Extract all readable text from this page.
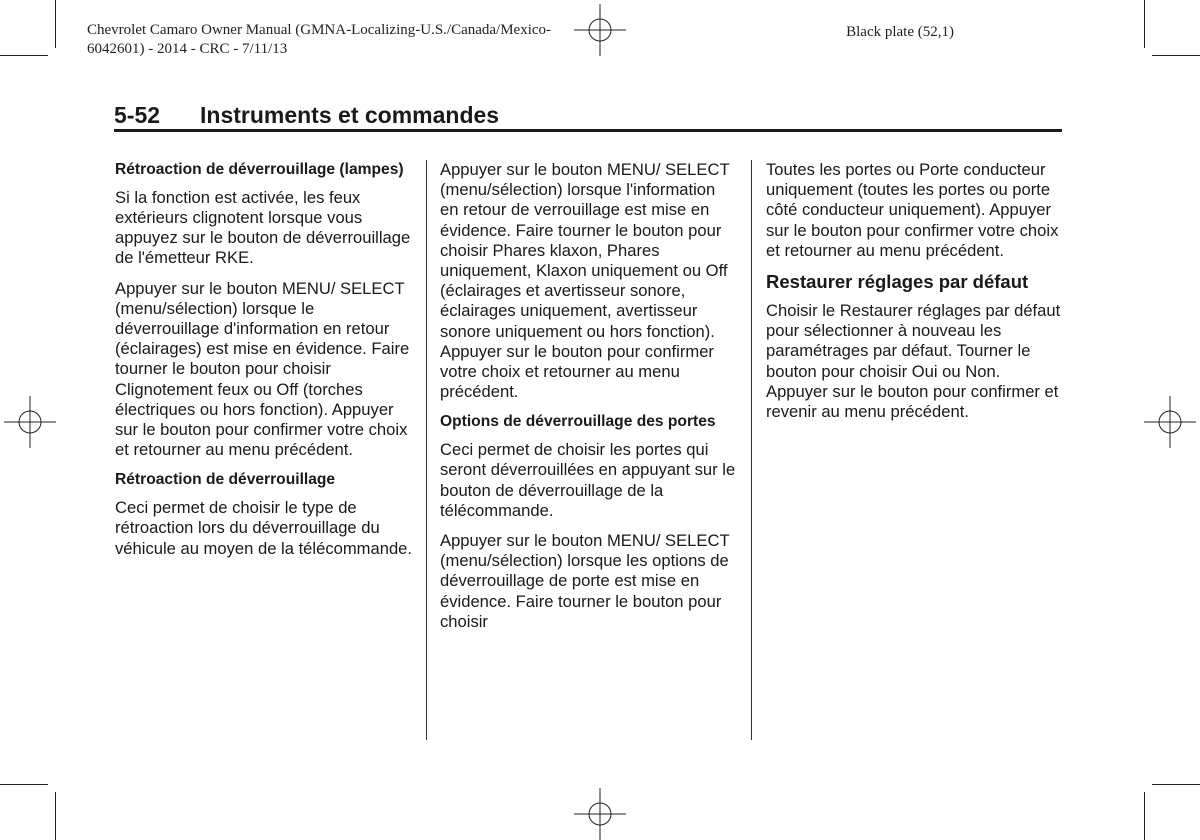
Chevrolet Camaro Owner Manual (GMNA-Localizing-U.S./Canada/Mexico-
6042601) - 2014 - CRC - 7/11/13
Black plate (52,1)
5-52 Instruments et commandes

Rétroaction de déverrouillage (lampes)

Si la fonction est activée, les feux extérieurs clignotent lorsque vous appuyez sur le bouton de déverrouillage de l'émetteur RKE.

Appuyer sur le bouton MENU/ SELECT (menu/sélection) lorsque le déverrouillage d'information en retour (éclairages) est mise en évidence. Faire tourner le bouton pour choisir Clignotement feux ou Off (torches électriques ou hors fonction). Appuyer sur le bouton pour confirmer votre choix et retourner au menu précédent.

Rétroaction de déverrouillage

Ceci permet de choisir le type de rétroaction lors du déverrouillage du véhicule au moyen de la télécommande.

Appuyer sur le bouton MENU/ SELECT (menu/sélection) lorsque l'information en retour de verrouillage est mise en évidence. Faire tourner le bouton pour choisir Phares klaxon, Phares uniquement, Klaxon uniquement ou Off (éclairages et avertisseur sonore, éclairages uniquement, avertisseur sonore uniquement ou hors fonction). Appuyer sur le bouton pour confirmer votre choix et retourner au menu précédent.

Options de déverrouillage des portes

Ceci permet de choisir les portes qui seront déverrouillées en appuyant sur le bouton de déverrouillage de la télécommande.

Appuyer sur le bouton MENU/ SELECT (menu/sélection) lorsque les options de déverrouillage de porte est mise en évidence. Faire tourner le bouton pour choisir

Toutes les portes ou Porte conducteur uniquement (toutes les portes ou porte côté conducteur uniquement). Appuyer sur le bouton pour confirmer votre choix et retourner au menu précédent.

Restaurer réglages par défaut

Choisir le Restaurer réglages par défaut pour sélectionner à nouveau les paramétrages par défaut. Tourner le bouton pour choisir Oui ou Non. Appuyer sur le bouton pour confirmer et revenir au menu précédent.
